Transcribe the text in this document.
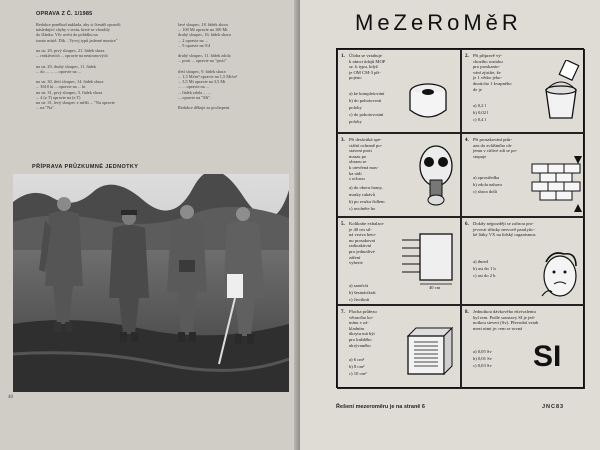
OPRAVA Z Č. 1/1985

Redakce poněkud naklada, aby si čtenáři opravili

následující chyby v textu, které se vloudily

do článku. Věc uvést do pořádku na

tomto místě. Dík. ..Vyvoj typů jaderné munice"

na str. 29, prvý sloupec, 21. řádek shora

... reaktivních ... opravte na neutronových

na str. 29, druhý sloupec, 11. řádek

... do ... ... ... opravte na ...

na str. 30, třetí sloupec, 14. řádek shora

... 3610 kt ... opravte na ... kt

na str. 31, prvý sloupec, 5. řádek shora

... 4 (z T) opravte na (z T)

na str. 31, levý sloupec v mříži ... "Na opravte

... na "Na".

lavé sloupec, 18. řádek shora

... 100 Mt opravte na 100 Mt

druhý sloupec, 16. řádek shora

... 2 opravte na ...

... 9 opravte na 9/4

druhý sloupec, 11. řádek zdola

... proti ... opravte na "proti"

třetí sloupec, 9. řádek shora

... 1,5 Mt/m² opravte na 1,5 Mt/m²

... 3,5 Mt opravte na 3,5 Mt

... ... opravte na ...

... řádek zdola ... ...

... opravte na "Mt".

Redakce děkuje za pochopení.

PŘÍPRAVA PRŮZKUMNÉ JEDNOTKY
40
MeZeRoMěR
1. Úloha se vztahuje

k rámci údajů MOP

sz. k typu, když

je OM CM-3 při-

pojeno

a) ke kompletování

b) do pohotovosti

polohy

c) do pohotovostní

polohy

2. Při přípravě vý-

chozího roztoku

pro proskanto-

vání zjistíte, že

je 1 vědro jeho-

dnoticho 1 kvapného

de je

a) 0,2 l

b) 0,02 l

c) 0,4 l

3. Při desáctiká spe-

ciální ochraně po-

staveni proti

mrazu po

obrazu se

k otevřená mas-

ka rádi

s ochrou

a) do oboru hrany,

masky rukávů

b) po zvuku čidlem

c) uvolněte ho

4. Při prosakování průr-

azu do zvláštního ob-

jemu v citlivé zdi se po-

stupuje

a) zprostředka

b) zdola nahoru

c) shora dolů

5. Kolikráte exhalace

je 40 cm sil-

ná vrstva beto-

nu prosakovat

radioaktivní

pro jednotlivé

záření

vyberte

a) samčrát

b) šestnáctkrát

c) čtvrtkrát

40 cm
6. Dokdy nejpozději se začnou pro-

jevovat účinky nervově paralytic-

ké látky VX na lidský organismus

a) ihned

b) asi do 1 h

c) asi do 2 h

7. Plocha průřezu

větracího ko-

mínu v zá-

kladním

úkrytu má být

pro každého

ukrývaného

a) 6 cm²

b) 8 cm²

c) 10 cm²

8. Jednotkou dávkového ekvivalentu

byl rem. Podle soustavy SI je jed-

notkou sievert (Sv). Převodní vztah

mezi nimi je: rem se rovná

a) 0,05 Sv

b) 0,01 Sv

c) 0,03 Sv SI
Řešení mezeroměru je na straně 6	JNC83
